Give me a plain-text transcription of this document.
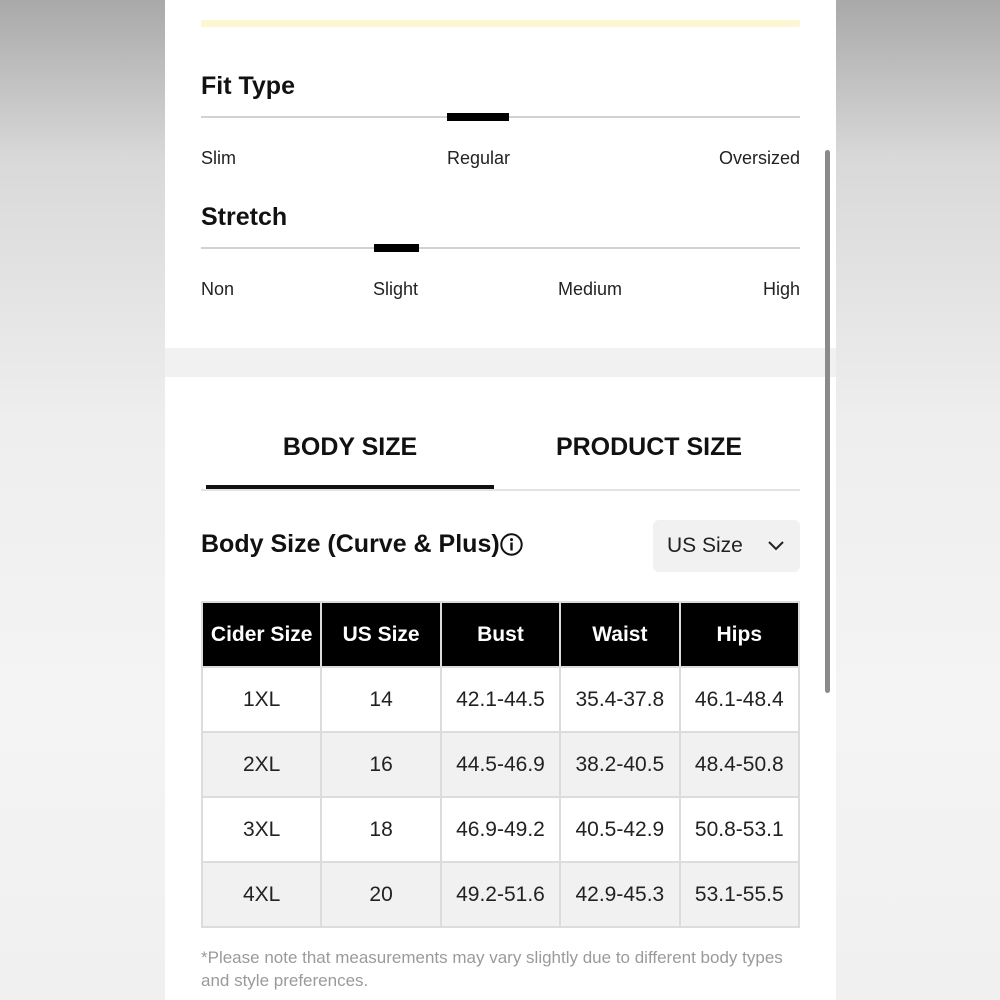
Fit Type
Slim	Regular	Oversized
Stretch
Non	Slight	Medium	High
BODY SIZE	PRODUCT SIZE
Body Size (Curve & Plus)	US Size
Cider Size	US Size	Bust	Waist	Hips
1XL	14	42.1-44.5	35.4-37.8	46.1-48.4
2XL	16	44.5-46.9	38.2-40.5	48.4-50.8
3XL	18	46.9-49.2	40.5-42.9	50.8-53.1
4XL	20	49.2-51.6	42.9-45.3	53.1-55.5
*Please note that measurements may vary slightly due to different body types and style preferences.
